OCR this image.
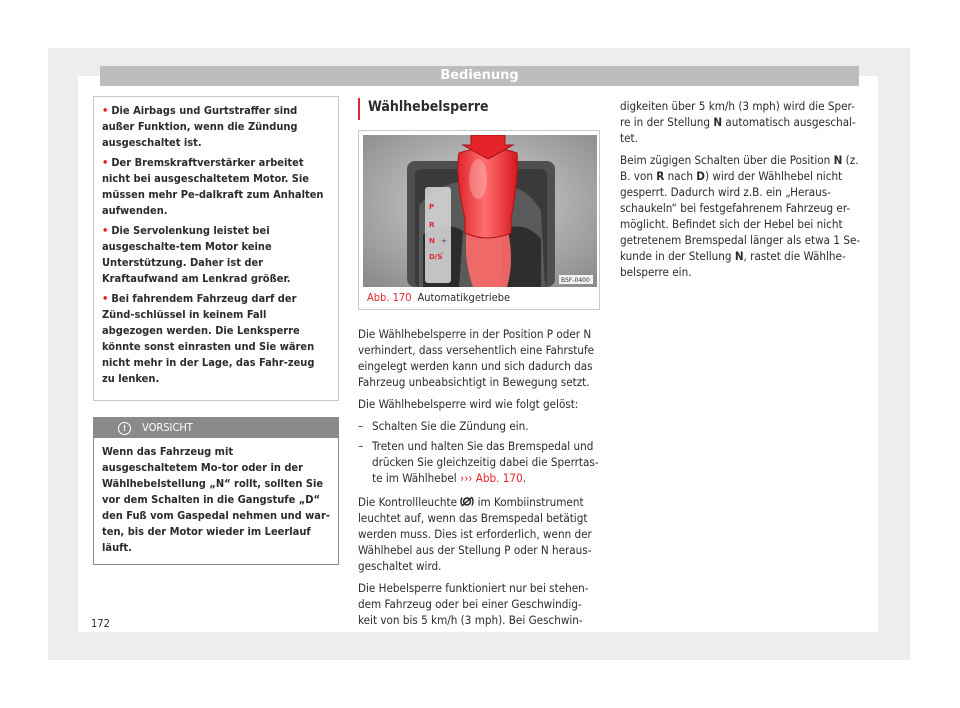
Bedienung
• Die Airbags und Gurtstraffer sind außer Funktion, wenn die Zündung ausgeschaltet ist.
• Der Bremskraftverstärker arbeitet nicht bei ausgeschaltetem Motor. Sie müssen mehr Pe-dalkraft zum Anhalten aufwenden.
• Die Servolenkung leistet bei ausgeschalte-tem Motor keine Unterstützung. Daher ist der Kraftaufwand am Lenkrad größer.
• Bei fahrendem Fahrzeug darf der Zünd-schlüssel in keinem Fall abgezogen werden. Die Lenksperre könnte sonst einrasten und Sie wären nicht mehr in der Lage, das Fahr-zeug zu lenken.
!	VORSICHT
Wenn das Fahrzeug mit ausgeschaltetem Mo-tor oder in der Wählhebelstellung „N“ rollt, sollten Sie vor dem Schalten in die Gangstufe „D“ den Fuß vom Gaspedal nehmen und war-ten, bis der Motor wieder im Leerlauf läuft.
Wählhebelsperre
P
R
N
D/S
+
-
B5F-0400
Abb. 170 Automatikgetriebe

Die Wählhebelsperre in der Position P oder N verhindert, dass versehentlich eine Fahrstufe eingelegt werden kann und sich dadurch das Fahrzeug unbeabsichtigt in Bewegung setzt.

Die Wählhebelsperre wird wie folgt gelöst:

– Schalten Sie die Zündung ein.
– Treten und halten Sie das Bremspedal und drücken Sie gleichzeitig dabei die Sperrtas-te im Wählhebel ››› Abb. 170.

Die Kontrollleuchte im Kombiinstrument leuchtet auf, wenn das Bremspedal betätigt werden muss. Dies ist erforderlich, wenn der Wählhebel aus der Stellung P oder N heraus-geschaltet wird.

Die Hebelsperre funktioniert nur bei stehen-dem Fahrzeug oder bei einer Geschwindig-keit von bis 5 km/h (3 mph). Bei Geschwin-

digkeiten über 5 km/h (3 mph) wird die Sper-re in der Stellung N automatisch ausgeschal-tet.

Beim zügigen Schalten über die Position N (z. B. von R nach D) wird der Wählhebel nicht gesperrt. Dadurch wird z.B. ein „Heraus-schaukeln“ bei festgefahrenem Fahrzeug er-möglicht. Befindet sich der Hebel bei nicht getretenem Bremspedal länger als etwa 1 Se-kunde in der Stellung N, rastet die Wählhe-belsperre ein.

172
